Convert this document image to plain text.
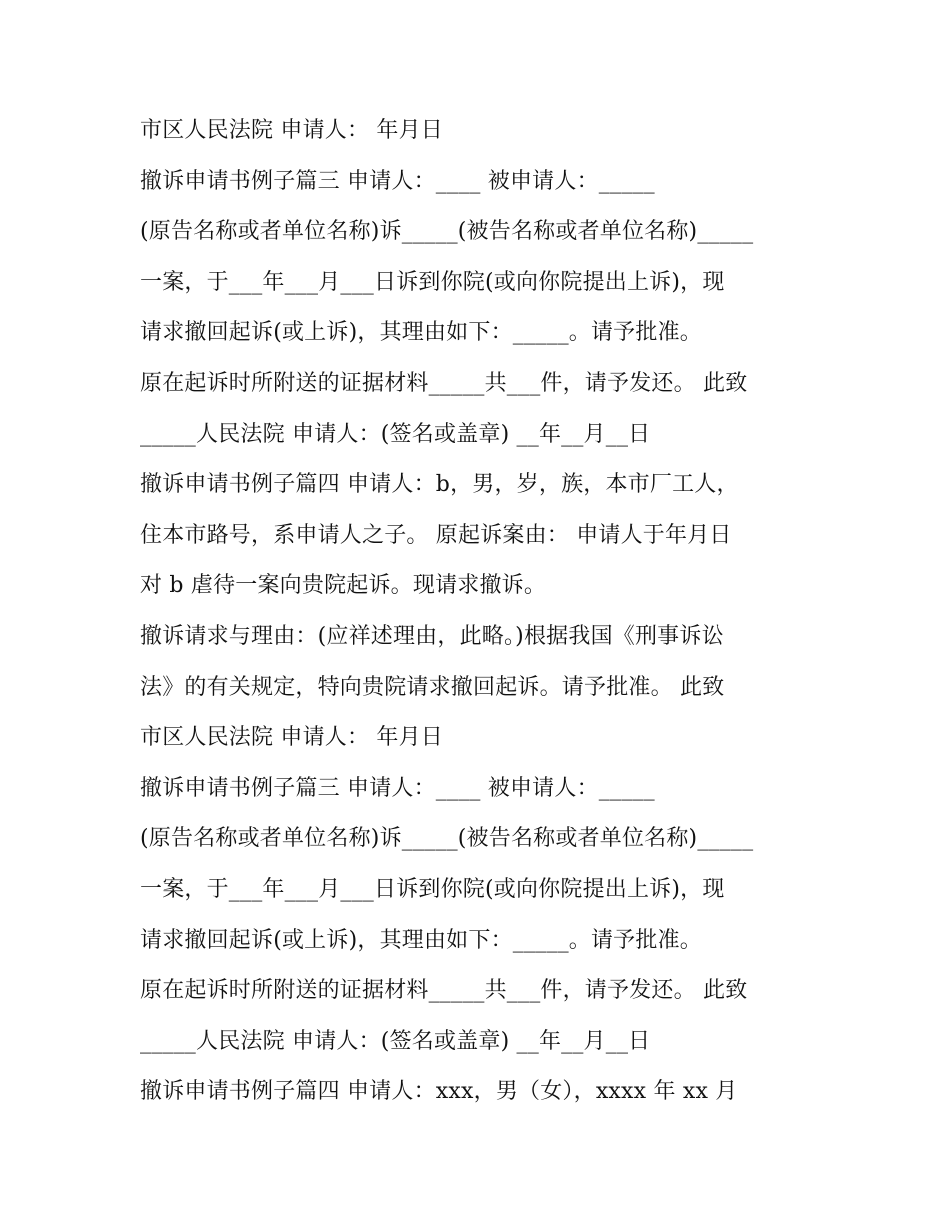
市区人民法院 申请人： 年月日
撤诉申请书例子篇三 申请人：____ 被申请人：_____
(原告名称或者单位名称)诉_____(被告名称或者单位名称)_____
一案，于___年___月___日诉到你院(或向你院提出上诉)，现
请求撤回起诉(或上诉)，其理由如下：_____。请予批准。
原在起诉时所附送的证据材料_____共___件，请予发还。 此致
_____人民法院 申请人：(签名或盖章) __年__月__日
撤诉申请书例子篇四 申请人：b，男，岁，族，本市厂工人，
住本市路号，系申请人之子。 原起诉案由： 申请人于年月日
对 b 虐待一案向贵院起诉。现请求撤诉。
撤诉请求与理由：(应祥述理由，此略。)根据我国《刑事诉讼
法》的有关规定，特向贵院请求撤回起诉。请予批准。 此致
市区人民法院 申请人： 年月日
撤诉申请书例子篇三 申请人：____ 被申请人：_____
(原告名称或者单位名称)诉_____(被告名称或者单位名称)_____
一案，于___年___月___日诉到你院(或向你院提出上诉)，现
请求撤回起诉(或上诉)，其理由如下：_____。请予批准。
原在起诉时所附送的证据材料_____共___件，请予发还。 此致
_____人民法院 申请人：(签名或盖章) __年__月__日
撤诉申请书例子篇四 申请人：xxx，男（女），xxxx 年 xx 月
